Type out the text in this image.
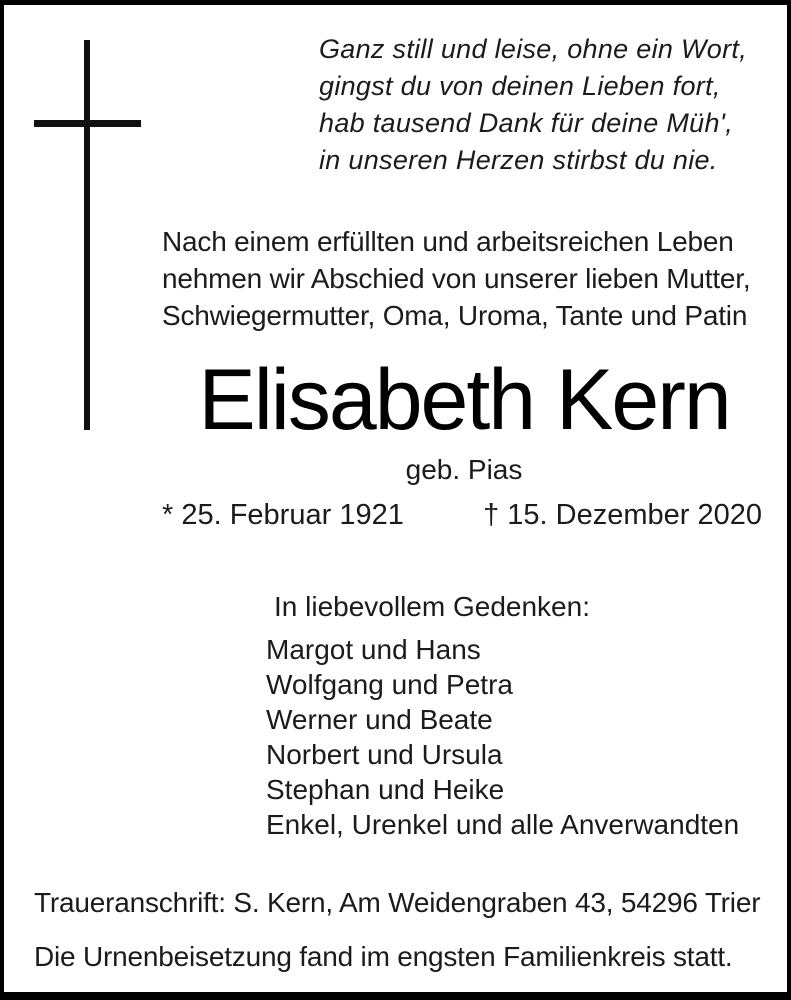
Ganz still und leise, ohne ein Wort,
gingst du von deinen Lieben fort,
hab tausend Dank für deine Müh',
in unseren Herzen stirbst du nie.
Nach einem erfüllten und arbeitsreichen Leben
nehmen wir Abschied von unserer lieben Mutter,
Schwiegermutter, Oma, Uroma, Tante und Patin
Elisabeth Kern
geb. Pias
* 25. Februar 1921	† 15. Dezember 2020
In liebevollem Gedenken:
Margot und Hans
Wolfgang und Petra
Werner und Beate
Norbert und Ursula
Stephan und Heike
Enkel, Urenkel und alle Anverwandten
Traueranschrift: S. Kern, Am Weidengraben 43, 54296 Trier
Die Urnenbeisetzung fand im engsten Familienkreis statt.
